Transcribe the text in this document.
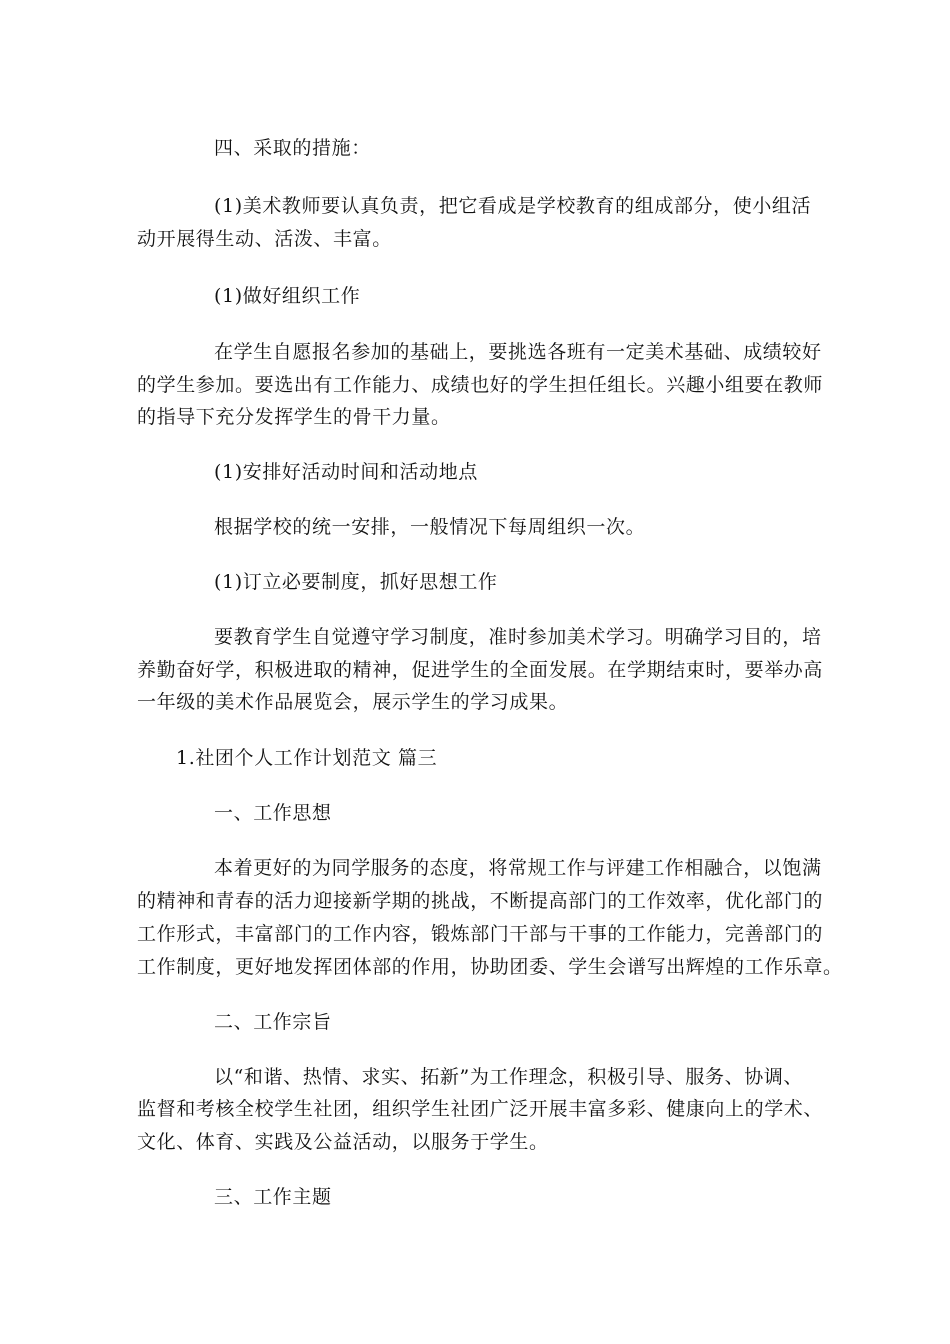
四、采取的措施：
(1)美术教师要认真负责，把它看成是学校教育的组成部分，使小组活
动开展得生动、活泼、丰富。
(1)做好组织工作
在学生自愿报名参加的基础上，要挑选各班有一定美术基础、成绩较好
的学生参加。要选出有工作能力、成绩也好的学生担任组长。兴趣小组要在教师
的指导下充分发挥学生的骨干力量。
(1)安排好活动时间和活动地点
根据学校的统一安排，一般情况下每周组织一次。
(1)订立必要制度，抓好思想工作
要教育学生自觉遵守学习制度，准时参加美术学习。明确学习目的，培
养勤奋好学，积极进取的精神，促进学生的全面发展。在学期结束时，要举办高
一年级的美术作品展览会，展示学生的学习成果。
1.社团个人工作计划范文 篇三
一、工作思想
本着更好的为同学服务的态度，将常规工作与评建工作相融合，以饱满
的精神和青春的活力迎接新学期的挑战，不断提高部门的工作效率，优化部门的
工作形式，丰富部门的工作内容，锻炼部门干部与干事的工作能力，完善部门的
工作制度，更好地发挥团体部的作用，协助团委、学生会谱写出辉煌的工作乐章。
二、工作宗旨
以“和谐、热情、求实、拓新”为工作理念，积极引导、服务、协调、
监督和考核全校学生社团，组织学生社团广泛开展丰富多彩、健康向上的学术、
文化、体育、实践及公益活动，以服务于学生。
三、工作主题
